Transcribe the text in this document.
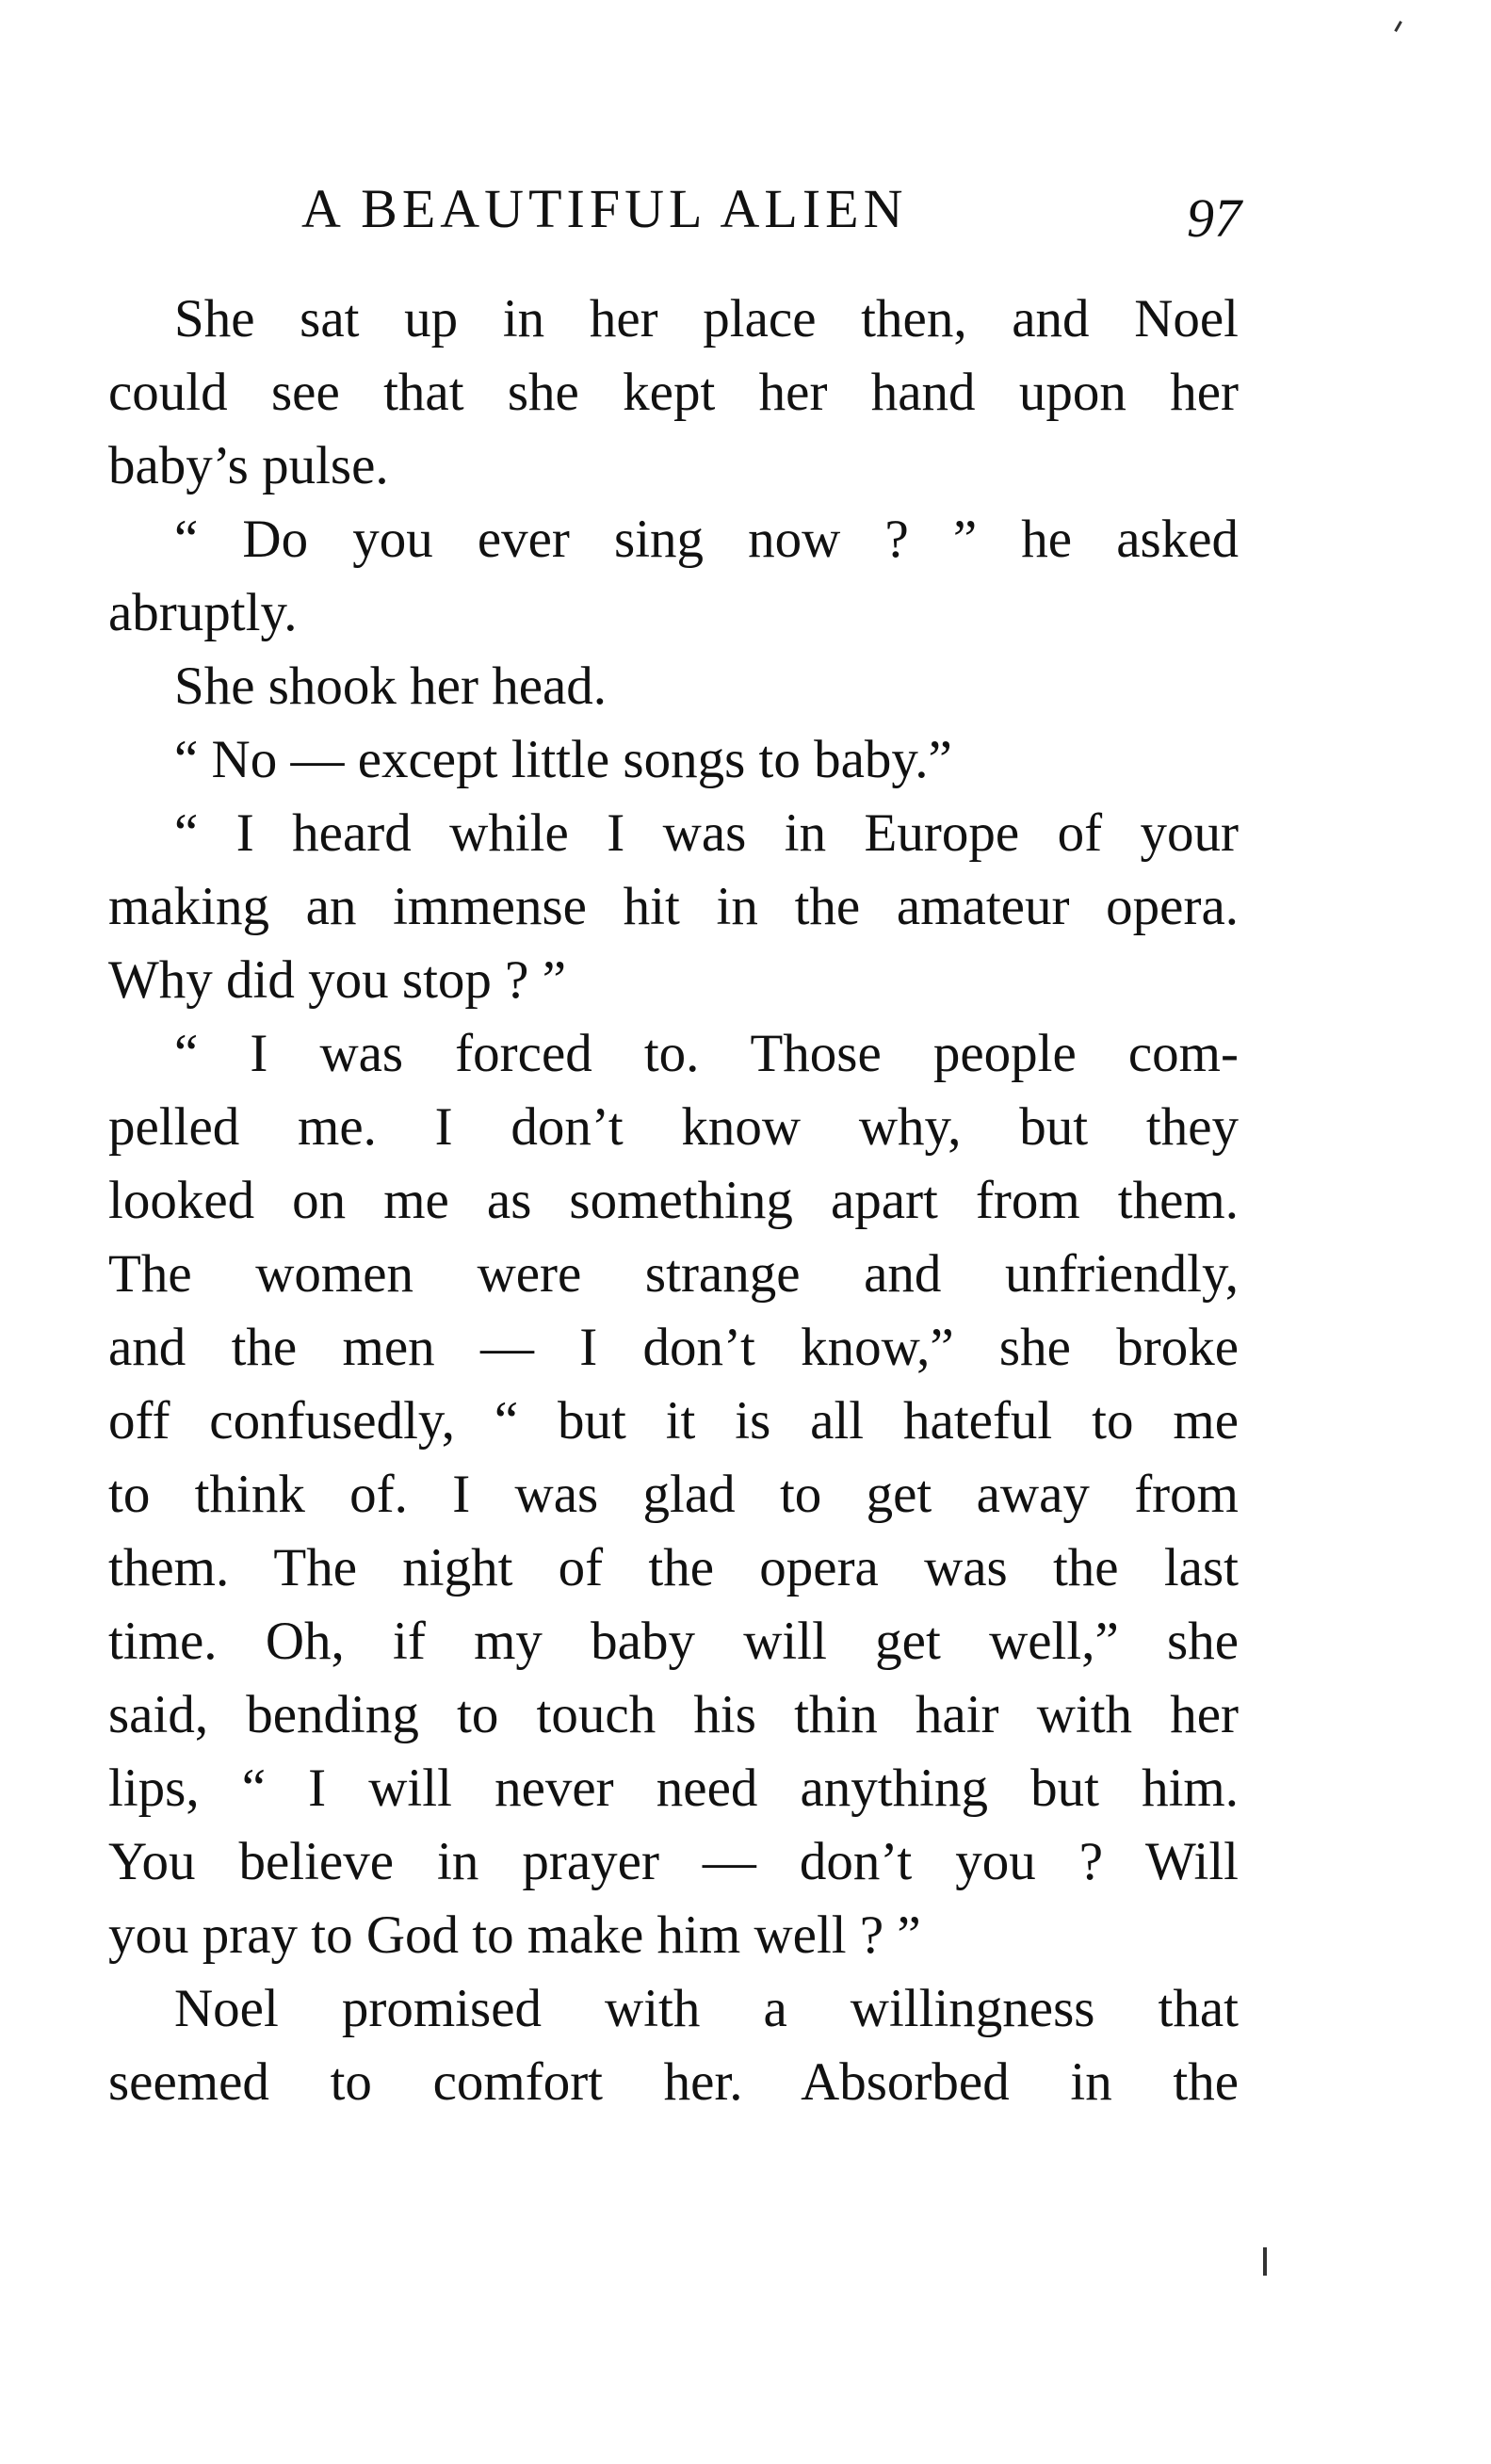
A BEAUTIFUL ALIEN	97
She sat up in her place then, and Noel
could see that she kept her hand upon her
baby’s pulse.
“ Do you ever sing now ? ” he asked
abruptly.
She shook her head.
“ No — except little songs to baby.”
“ I heard while I was in Europe of your
making an immense hit in the amateur opera.
Why did you stop ? ”
“ I was forced to. Those people com-
pelled me. I don’t know why, but they
looked on me as something apart from them.
The women were strange and unfriendly,
and the men — I don’t know,” she broke
off confusedly, “ but it is all hateful to me
to think of. I was glad to get away from
them. The night of the opera was the last
time. Oh, if my baby will get well,” she
said, bending to touch his thin hair with her
lips, “ I will never need anything but him.
You believe in prayer — don’t you ? Will
you pray to God to make him well ? ”
Noel promised with a willingness that
seemed to comfort her. Absorbed in the
